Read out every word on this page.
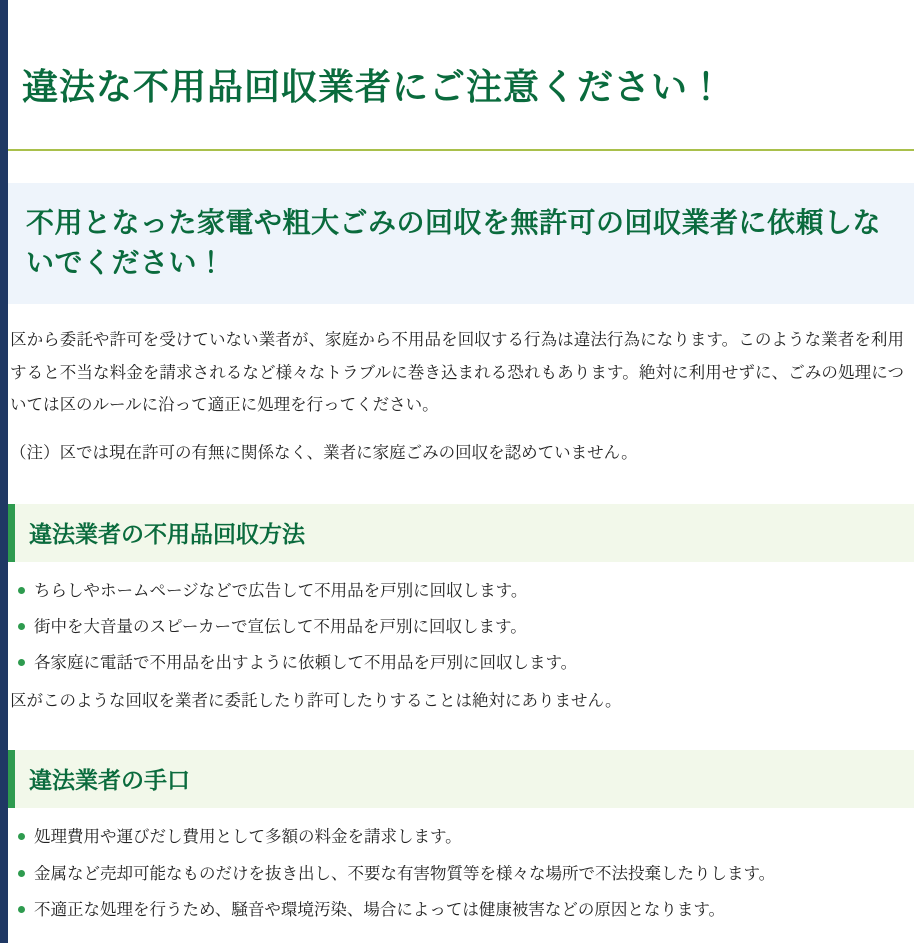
違法な不用品回収業者にご注意ください！
不用となった家電や粗大ごみの回収を無許可の回収業者に依頼しないでください！

区から委託や許可を受けていない業者が、家庭から不用品を回収する行為は違法行為になります。このような業者を利用すると不当な料金を請求されるなど様々なトラブルに巻き込まれる恐れもあります。絶対に利用せずに、ごみの処理については区のルールに沿って適正に処理を行ってください。

（注）区では現在許可の有無に関係なく、業者に家庭ごみの回収を認めていません。

違法業者の不用品回収方法
ちらしやホームページなどで広告して不用品を戸別に回収します。
街中を大音量のスピーカーで宣伝して不用品を戸別に回収します。
各家庭に電話で不用品を出すように依頼して不用品を戸別に回収します。

区がこのような回収を業者に委託したり許可したりすることは絶対にありません。

違法業者の手口
処理費用や運びだし費用として多額の料金を請求します。
金属など売却可能なものだけを抜き出し、不要な有害物質等を様々な場所で不法投棄したりします。
不適正な処理を行うため、騒音や環境汚染、場合によっては健康被害などの原因となります。
